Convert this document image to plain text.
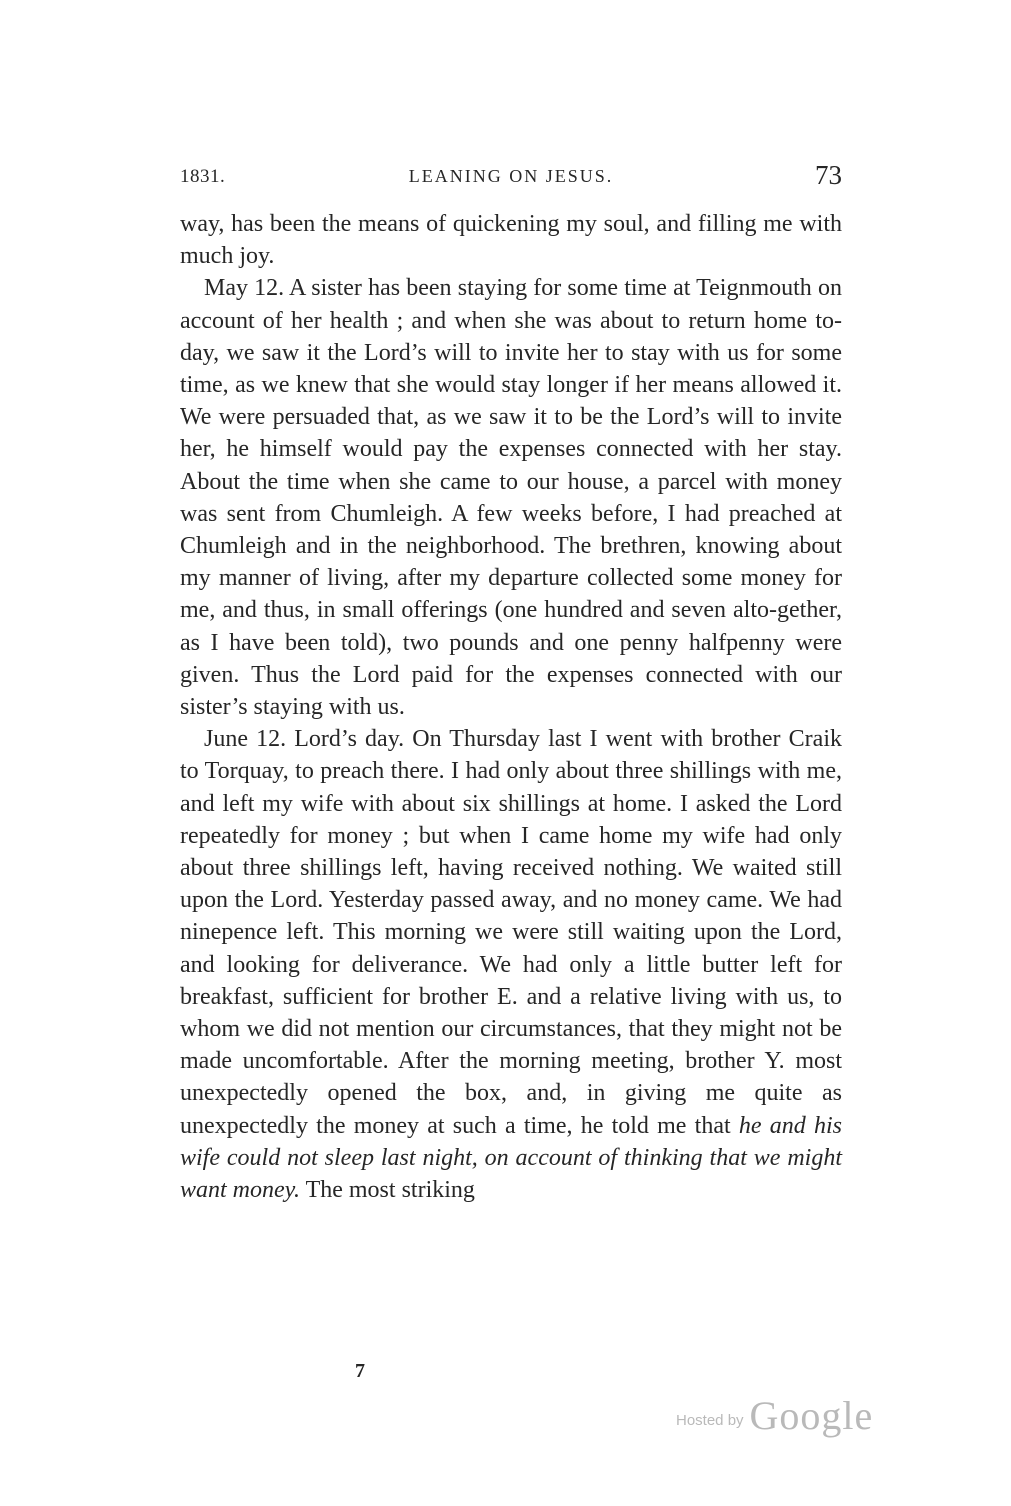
1831.	LEANING ON JESUS.	73

way, has been the means of quickening my soul, and filling me with much joy.

May 12. A sister has been staying for some time at Teignmouth on account of her health ; and when she was about to return home to-day, we saw it the Lord’s will to invite her to stay with us for some time, as we knew that she would stay longer if her means allowed it. We were persuaded that, as we saw it to be the Lord’s will to invite her, he himself would pay the expenses connected with her stay. About the time when she came to our house, a parcel with money was sent from Chumleigh. A few weeks before, I had preached at Chumleigh and in the neighborhood. The brethren, knowing about my manner of living, after my departure collected some money for me, and thus, in small offerings (one hundred and seven alto-gether, as I have been told), two pounds and one penny halfpenny were given. Thus the Lord paid for the expenses connected with our sister’s staying with us.

June 12. Lord’s day. On Thursday last I went with brother Craik to Torquay, to preach there. I had only about three shillings with me, and left my wife with about six shillings at home. I asked the Lord repeatedly for money ; but when I came home my wife had only about three shillings left, having received nothing. We waited still upon the Lord. Yesterday passed away, and no money came. We had ninepence left. This morning we were still waiting upon the Lord, and looking for deliverance. We had only a little butter left for breakfast, sufficient for brother E. and a relative living with us, to whom we did not mention our circumstances, that they might not be made uncomfortable. After the morning meeting, brother Y. most unexpectedly opened the box, and, in giving me quite as unexpectedly the money at such a time, he told me that he and his wife could not sleep last night, on account of thinking that we might want money. The most striking

7
Hosted by Google
